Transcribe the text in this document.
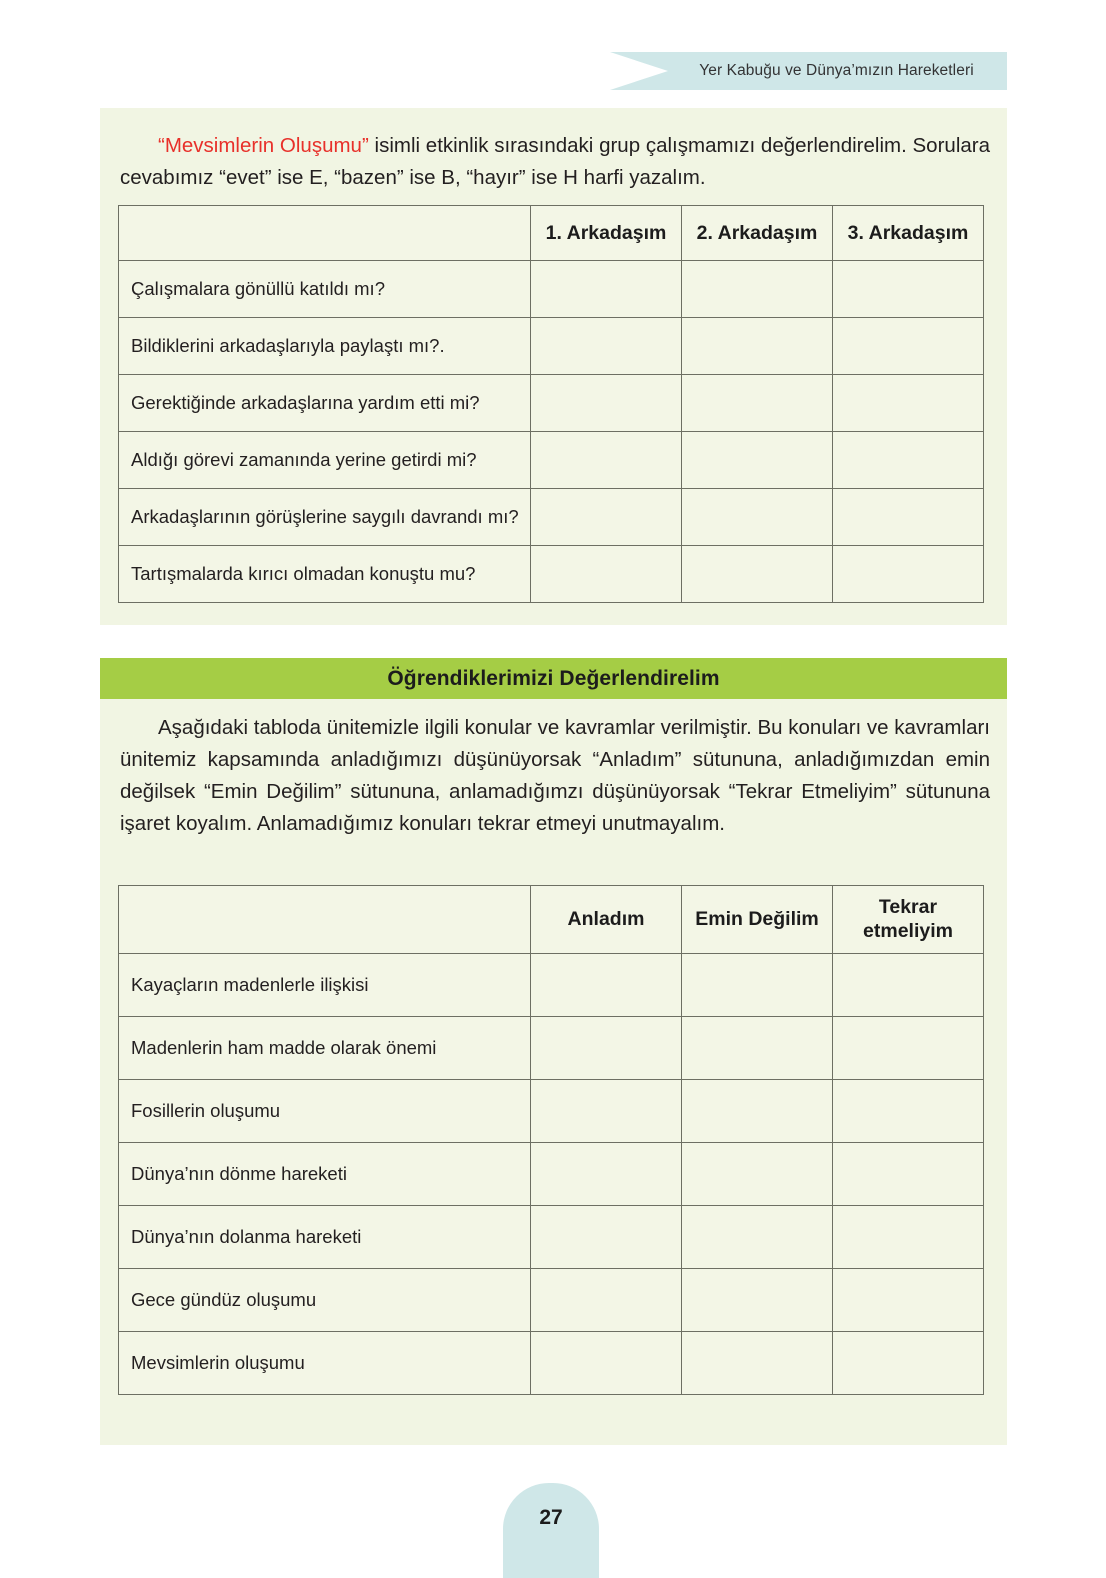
Yer Kabuğu ve Dünya’mızın Hareketleri

“Mevsimlerin Oluşumu” isimli etkinlik sırasındaki grup çalışmamızı değerlendirelim. Sorulara cevabımız “evet” ise E, “bazen” ise B, “hayır” ise H harfi yazalım.

	1. Arkadaşım	2. Arkadaşım	3. Arkadaşım
Çalışmalara gönüllü katıldı mı?			
Bildiklerini arkadaşlarıyla paylaştı mı?.			
Gerektiğinde arkadaşlarına yardım etti mi?			
Aldığı görevi zamanında yerine getirdi mi?			
Arkadaşlarının görüşlerine saygılı davrandı mı?			
Tartışmalarda kırıcı olmadan konuştu mu?			
Öğrendiklerimizi Değerlendirelim

Aşağıdaki tabloda ünitemizle ilgili konular ve kavramlar verilmiştir. Bu konuları ve kavramları ünitemiz kapsamında anladığımızı düşünüyorsak “Anladım” sütununa, anladığımızdan emin değilsek “Emin Değilim” sütununa, anlamadığımzı düşünüyorsak “Tekrar Etmeliyim” sütununa işaret koyalım. Anlamadığımız konuları tekrar etmeyi unutmayalım.

	Anladım	Emin Değilim	Tekrar
etmeliyim
Kayaçların madenlerle ilişkisi			
Madenlerin ham madde olarak önemi			
Fosillerin oluşumu			
Dünya’nın dönme hareketi			
Dünya’nın dolanma hareketi			
Gece gündüz oluşumu			
Mevsimlerin oluşumu			
27
